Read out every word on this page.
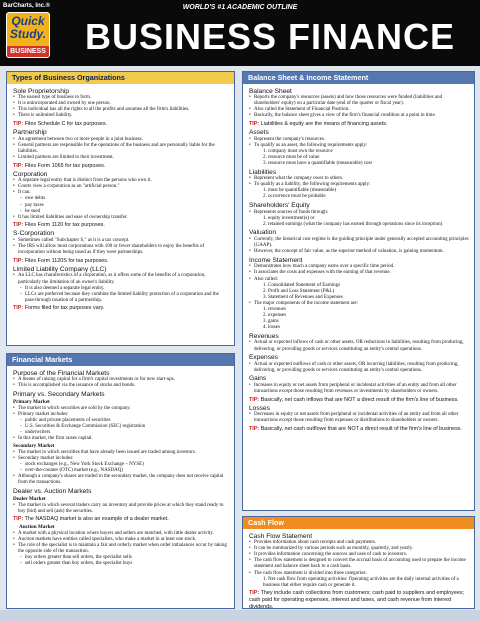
BarCharts, Inc.®
Quick
Study.
BUSINESS
WORLD'S #1 ACADEMIC OUTLINE
BUSINESS FINANCE
Types of Business Organizations
Sole Proprietorship
• The easiest type of business to form.
• It is unincorporated and owned by one person.
• This individual has all the rights to all the profits and assumes all the firm's liabilities.
• There is unlimited liability.
TIP: Files Schedule C for tax purposes.
Partnership
• An agreement between two or more people in a joint business.
• General partners are responsible for the operations of the business and are personally liable for the liabilities.
• Limited partners are limited to their investment.
TIP: Files Form 1065 for tax purposes.
Corporation
• A separate legal entity that is distinct from the persons who own it.
• Courts view a corporation as an "artificial person."
• It can:
- owe debts
- pay taxes
- be sued
• It has limited liabilities and ease of ownership transfer.
TIP: Files Form 1120 for tax purposes.
S-Corporation
• Sometimes called "Subchapter S," as it is a tax concept.
• The IRS will allow most corporations with 100 or fewer shareholders to enjoy the benefits of incorporation without being taxed as if they were partnerships.
TIP: Files Form 1120S for tax purposes.
Limited Liability Company (LLC)
• An LLC has characteristics of a corporation, as it offers some of the benefits of a corporation, particularly the limitation of an owner's liability.
- It is also deemed a separate legal entity.
- LLCs are preferred because they combine the limited liability protection of a corporation and the pass-through taxation of a partnership.
TIP: Forms filed for tax purposes vary.
Financial Markets
Purpose of the Financial Markets
• A means of raising capital for a firm's capital investments or for new start-ups.
• This is accomplished via the issuance of stocks and bonds.
Primary vs. Secondary Markets
Primary Market
• The market in which securities are sold by the company.
• Primary market includes:
- public and private placements of securities
- U.S. Securities & Exchange Commission (SEC) registration
- underwriters
• In this market, the firm raises capital.
Secondary Market
• The market in which securities that have already been issued are traded among investors.
• Secondary market includes:
- stock exchanges (e.g., New York Stock Exchange – NYSE)
- over-the-counter (OTC) market (e.g., NASDAQ)
• Although a company's shares are traded in the secondary market, the company does not receive capital from the transactions.
Dealer vs. Auction Markets
Dealer Market
• The market in which several traders carry an inventory and provide prices at which they stand ready to buy (bid) and sell (ask) the securities.
TIP: The NASDAQ market is also an example of a dealer market.
Auction Market
• A market with a physical location where buyers and sellers are matched, with little dealer activity.
• Auction markets have entities called specialists, who make a market in at least one stock.
• The role of the specialist is to maintain a fair and orderly market when order imbalances occur by taking the opposite side of the transaction.
- buy orders greater than sell orders, the specialist sells
- sell orders greater than buy orders, the specialist buys
Balance Sheet & Income Statement
Balance Sheet
• Reports the company's resources (assets) and how those resources were funded (liabilities and shareholders' equity) on a particular date (end of the quarter or fiscal year).
• Also called the Statement of Financial Position.
• Basically, the balance sheet gives a view of the firm's financial condition at a point in time.
TIP: Liabilities & equity are the means of financing assets.
Assets
• Represent the company's resources.
• To qualify as an asset, the following requirements apply:
1. company must own the resource
2. resource must be of value
3. resource must have a quantifiable (measurable) cost
Liabilities
• Represent what the company owes to others.
• To qualify as a liability, the following requirements apply:
1. must be quantifiable (measurable)
2. occurrence must be probable
Shareholders' Equity
• Represents sources of funds through:
1. equity investment(s) or
2. retained earnings (what the company has earned through operations since its inception)
Valuation
• Currently, the historical cost regime is the guiding principle under generally accepted accounting principles (GAAP).
• However, the concept of fair value, as the superior method of valuation, is gaining momentum.
Income Statement
• Demonstrates how much a company earns over a specific time period.
• It associates the costs and expenses with the earning of that revenue.
• Also called:
1. Consolidated Statement of Earnings
2. Profit and Loss Statement (P&L)
3. Statement of Revenues and Expenses
• The major components of the income statement are:
1. revenues
2. expenses
3. gains
4. losses
Revenues
• Actual or expected inflows of cash or other assets, OR reductions in liabilities, resulting from producing, delivering, or providing goods or services constituting an entity's central operations.
Expenses
• Actual or expected outflows of cash or other assets, OR incurring liabilities, resulting from producing, delivering, or providing goods or services constituting an entity's central operations.
Gains
• Increases in equity or net assets from peripheral or incidental activities of an entity and from all other transactions except those resulting from revenues or investments by shareholders or owners.
TIP: Basically, net cash inflows that are NOT a direct result of the firm's line of business.
Losses
• Decreases in equity or net assets from peripheral or incidental activities of an entity and from all other transactions except those resulting from expenses or distributions to shareholders or owners.
TIP: Basically, net cash outflows that are NOT a direct result of the firm's line of business.
Cash Flow
Cash Flow Statement
• Provides information about cash receipts and cash payments.
• It can be summarized by various periods such as monthly, quarterly, and yearly.
• It provides information concerning the sources and uses of cash to investors.
• The cash flow statement is designed to convert the accrual basis of accounting used to prepare the income statement and balance sheet back to a cash basis.
• The cash flow statement is divided into three categories:
1. Net cash flow from operating activities: Operating activities are the daily internal activities of a business that either require cash or generate it.
TIP: They include cash collections from customers; cash paid to suppliers and employees; cash paid for operating expenses, interest and taxes, and cash revenue from interest dividends.
